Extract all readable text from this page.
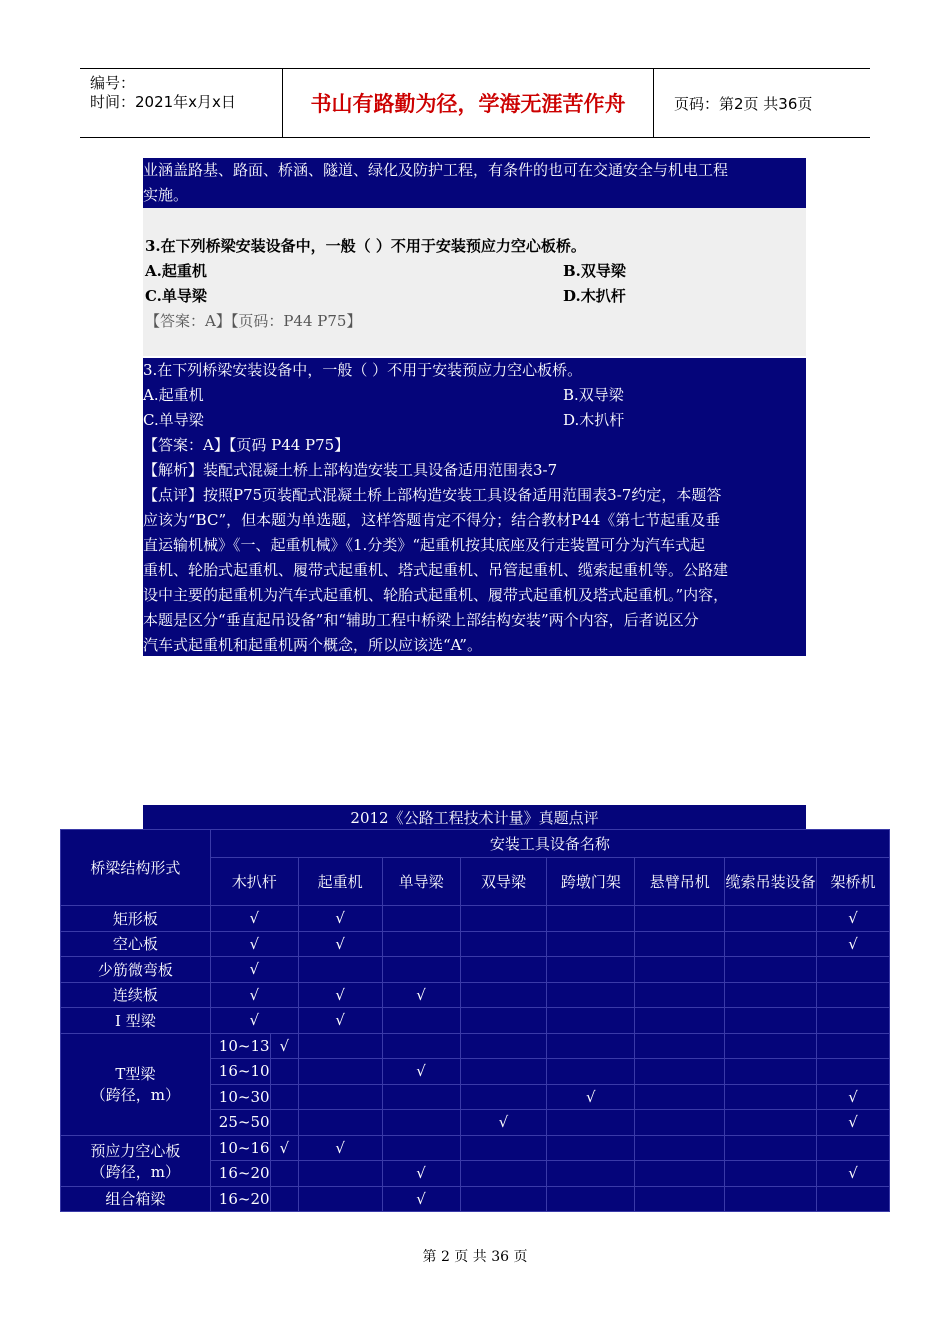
编号：
时间：2021年x月x日	书山有路勤为径，学海无涯苦作舟	页码：第2页 共36页
业涵盖路基、路面、桥涵、隧道、绿化及防护工程，有条件的也可在交通安全与机电工程
实施。
3.在下列桥梁安装设备中，一般（ ）不用于安装预应力空心板桥。
A.起重机	B.双导梁
C.单导梁	D.木扒杆
【答案：A】【页码：P44 P75】
3.在下列桥梁安装设备中，一般（ ）不用于安装预应力空心板桥。
A.起重机	B.双导梁
C.单导梁	D.木扒杆
【答案：A】【页码 P44 P75】
【解析】装配式混凝土桥上部构造安装工具设备适用范围表3-7
【点评】按照P75页装配式混凝土桥上部构造安装工具设备适用范围表3-7约定，本题答
应该为“BC”，但本题为单选题，这样答题肯定不得分；结合教材P44《第七节起重及垂
直运输机械》《一、起重机械》《1.分类》“起重机按其底座及行走装置可分为汽车式起
重机、轮胎式起重机、履带式起重机、塔式起重机、吊管起重机、缆索起重机等。公路建
设中主要的起重机为汽车式起重机、轮胎式起重机、履带式起重机及塔式起重机。”内容，
本题是区分“垂直起吊设备”和“辅助工程中桥梁上部结构安装”两个内容，后者说区分
汽车式起重机和起重机两个概念，所以应该选“A”。
2012《公路工程技术计量》真题点评
桥梁结构形式	安装工具设备名称								
	木扒杆		起重机	单导梁	双导梁	跨墩门架	悬臂吊机	缆索吊装设备	架桥机
矩形板	√		√						√
空心板	√		√						√
少筋微弯板	√								
连续板	√		√	√					
I 型梁	√		√						

T型梁
（跨径，m）	10~13	√							
	16~10			√					
	10~30					√			√
	25~50				√				√

预应力空心板
（跨径，m）	10~16	√	√						
	16~20			√					√
组合箱梁	16~20			√					
第 2 页 共 36 页
